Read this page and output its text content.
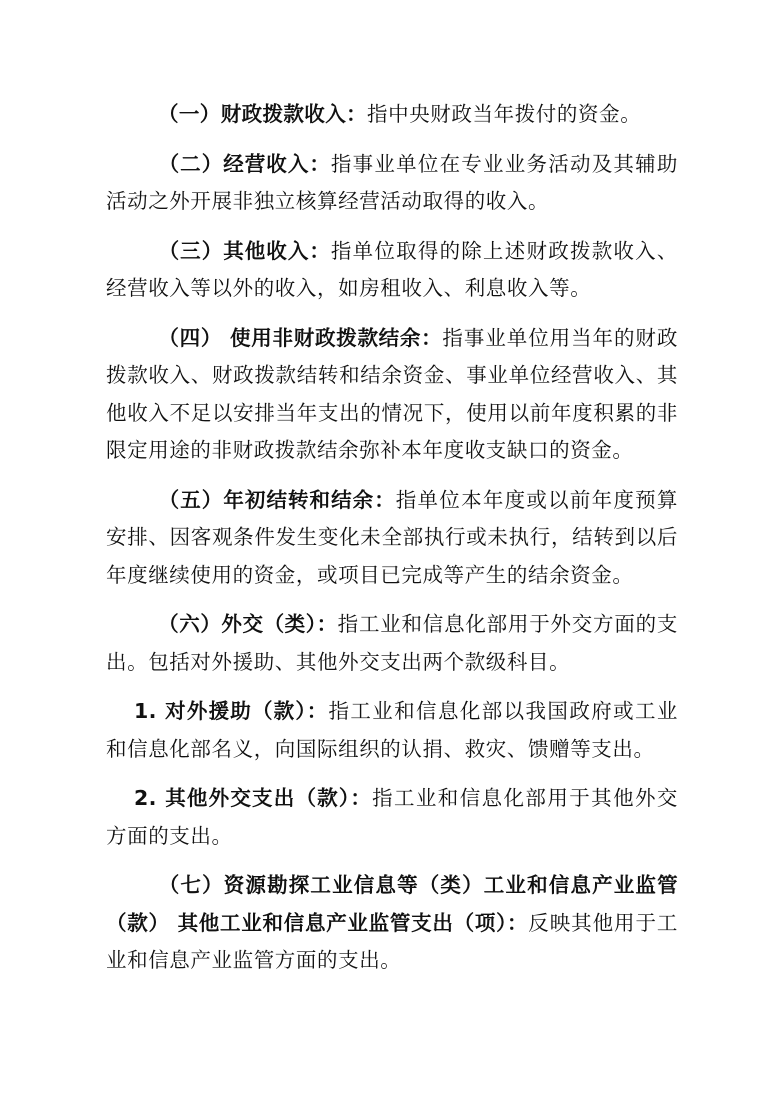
（一）财政拨款收入：指中央财政当年拨付的资金。

（二）经营收入：指事业单位在专业业务活动及其辅助活动之外开展非独立核算经营活动取得的收入。

（三）其他收入：指单位取得的除上述财政拨款收入、经营收入等以外的收入，如房租收入、利息收入等。

（四） 使用非财政拨款结余：指事业单位用当年的财政拨款收入、财政拨款结转和结余资金、事业单位经营收入、其他收入不足以安排当年支出的情况下，使用以前年度积累的非限定用途的非财政拨款结余弥补本年度收支缺口的资金。

（五）年初结转和结余：指单位本年度或以前年度预算安排、因客观条件发生变化未全部执行或未执行，结转到以后年度继续使用的资金，或项目已完成等产生的结余资金。

（六）外交（类）：指工业和信息化部用于外交方面的支出。包括对外援助、其他外交支出两个款级科目。

1. 对外援助（款）：指工业和信息化部以我国政府或工业和信息化部名义，向国际组织的认捐、救灾、馈赠等支出。

2. 其他外交支出（款）：指工业和信息化部用于其他外交方面的支出。

（七）资源勘探工业信息等（类）工业和信息产业监管（款） 其他工业和信息产业监管支出（项）：反映其他用于工业和信息产业监管方面的支出。
